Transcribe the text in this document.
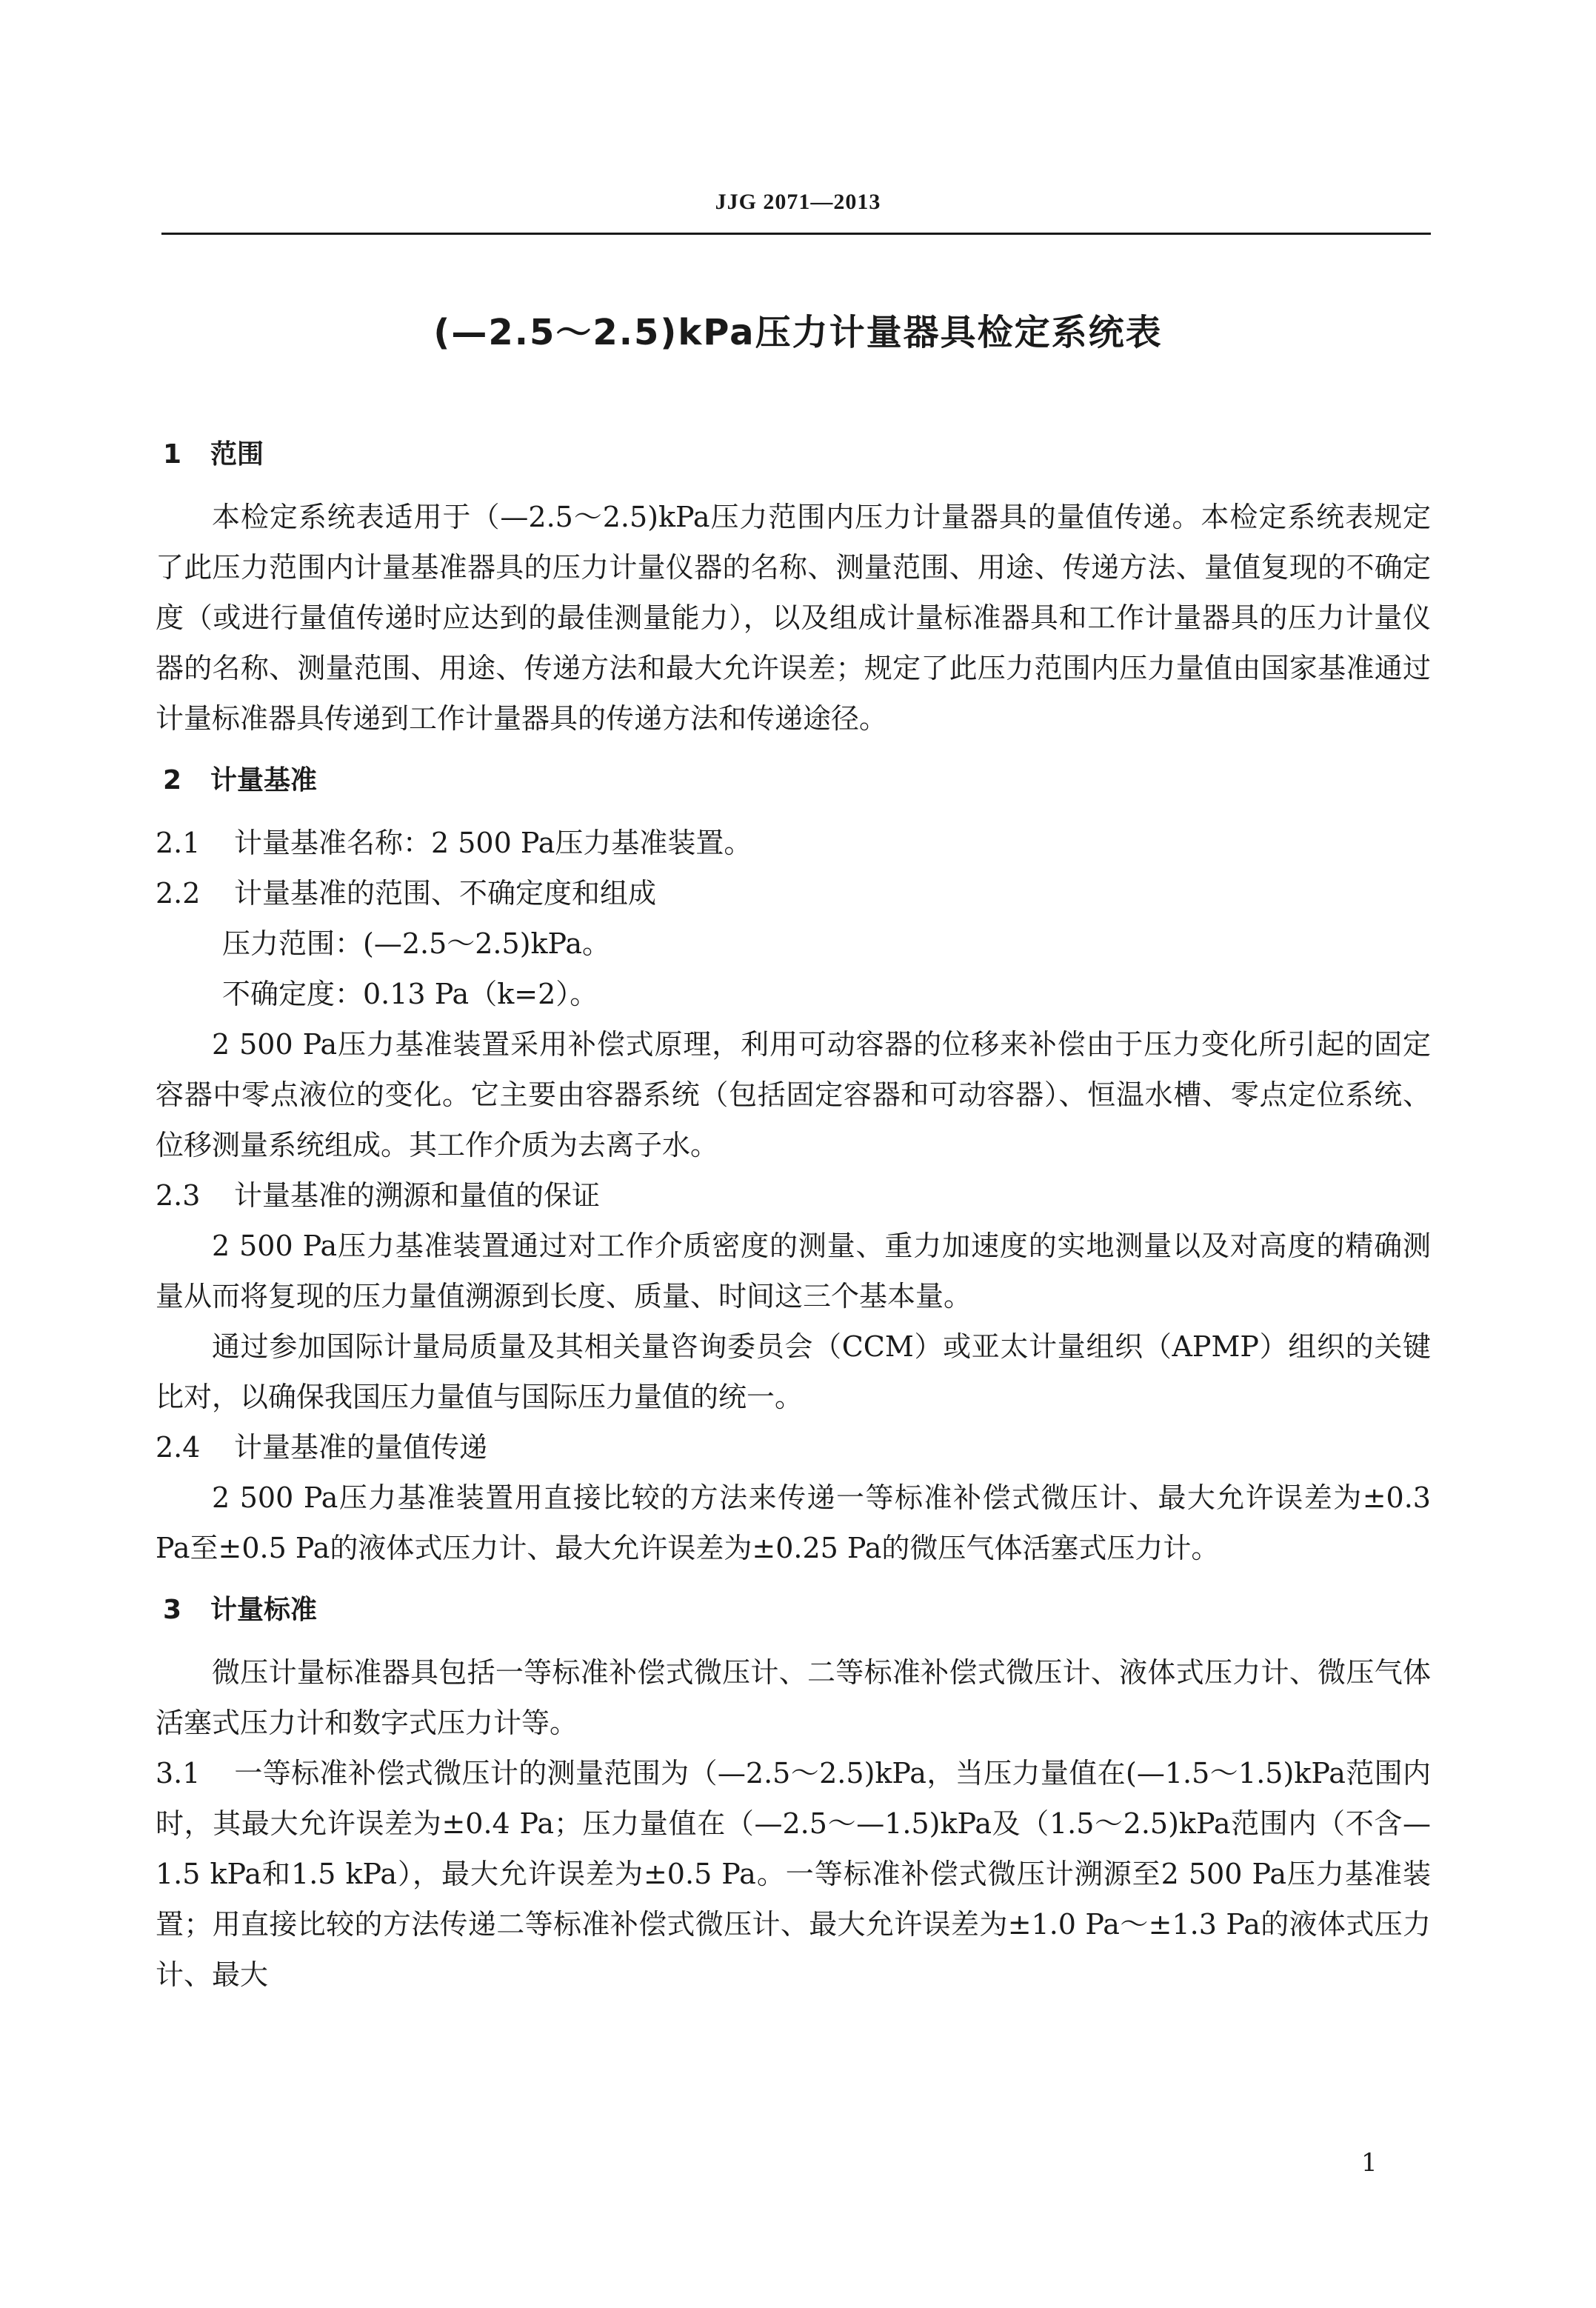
JJG 2071—2013
(—2.5～2.5)kPa压力计量器具检定系统表
1 范围

本检定系统表适用于（—2.5～2.5)kPa压力范围内压力计量器具的量值传递。本检定系统表规定了此压力范围内计量基准器具的压力计量仪器的名称、测量范围、用途、传递方法、量值复现的不确定度（或进行量值传递时应达到的最佳测量能力），以及组成计量标准器具和工作计量器具的压力计量仪器的名称、测量范围、用途、传递方法和最大允许误差；规定了此压力范围内压力量值由国家基准通过计量标准器具传递到工作计量器具的传递方法和传递途径。

2 计量基准

2.1 计量基准名称：2 500 Pa压力基准装置。

2.2 计量基准的范围、不确定度和组成

压力范围：(—2.5～2.5)kPa。

不确定度：0.13 Pa（k=2）。

2 500 Pa压力基准装置采用补偿式原理，利用可动容器的位移来补偿由于压力变化所引起的固定容器中零点液位的变化。它主要由容器系统（包括固定容器和可动容器）、恒温水槽、零点定位系统、位移测量系统组成。其工作介质为去离子水。

2.3 计量基准的溯源和量值的保证

2 500 Pa压力基准装置通过对工作介质密度的测量、重力加速度的实地测量以及对高度的精确测量从而将复现的压力量值溯源到长度、质量、时间这三个基本量。

通过参加国际计量局质量及其相关量咨询委员会（CCM）或亚太计量组织（APMP）组织的关键比对，以确保我国压力量值与国际压力量值的统一。

2.4 计量基准的量值传递

2 500 Pa压力基准装置用直接比较的方法来传递一等标准补偿式微压计、最大允许误差为±0.3 Pa至±0.5 Pa的液体式压力计、最大允许误差为±0.25 Pa的微压气体活塞式压力计。

3 计量标准

微压计量标准器具包括一等标准补偿式微压计、二等标准补偿式微压计、液体式压力计、微压气体活塞式压力计和数字式压力计等。

3.1 一等标准补偿式微压计的测量范围为（—2.5～2.5)kPa，当压力量值在(—1.5～1.5)kPa范围内时，其最大允许误差为±0.4 Pa；压力量值在（—2.5～—1.5)kPa及（1.5～2.5)kPa范围内（不含—1.5 kPa和1.5 kPa），最大允许误差为±0.5 Pa。一等标准补偿式微压计溯源至2 500 Pa压力基准装置；用直接比较的方法传递二等标准补偿式微压计、最大允许误差为±1.0 Pa～±1.3 Pa的液体式压力计、最大

1
